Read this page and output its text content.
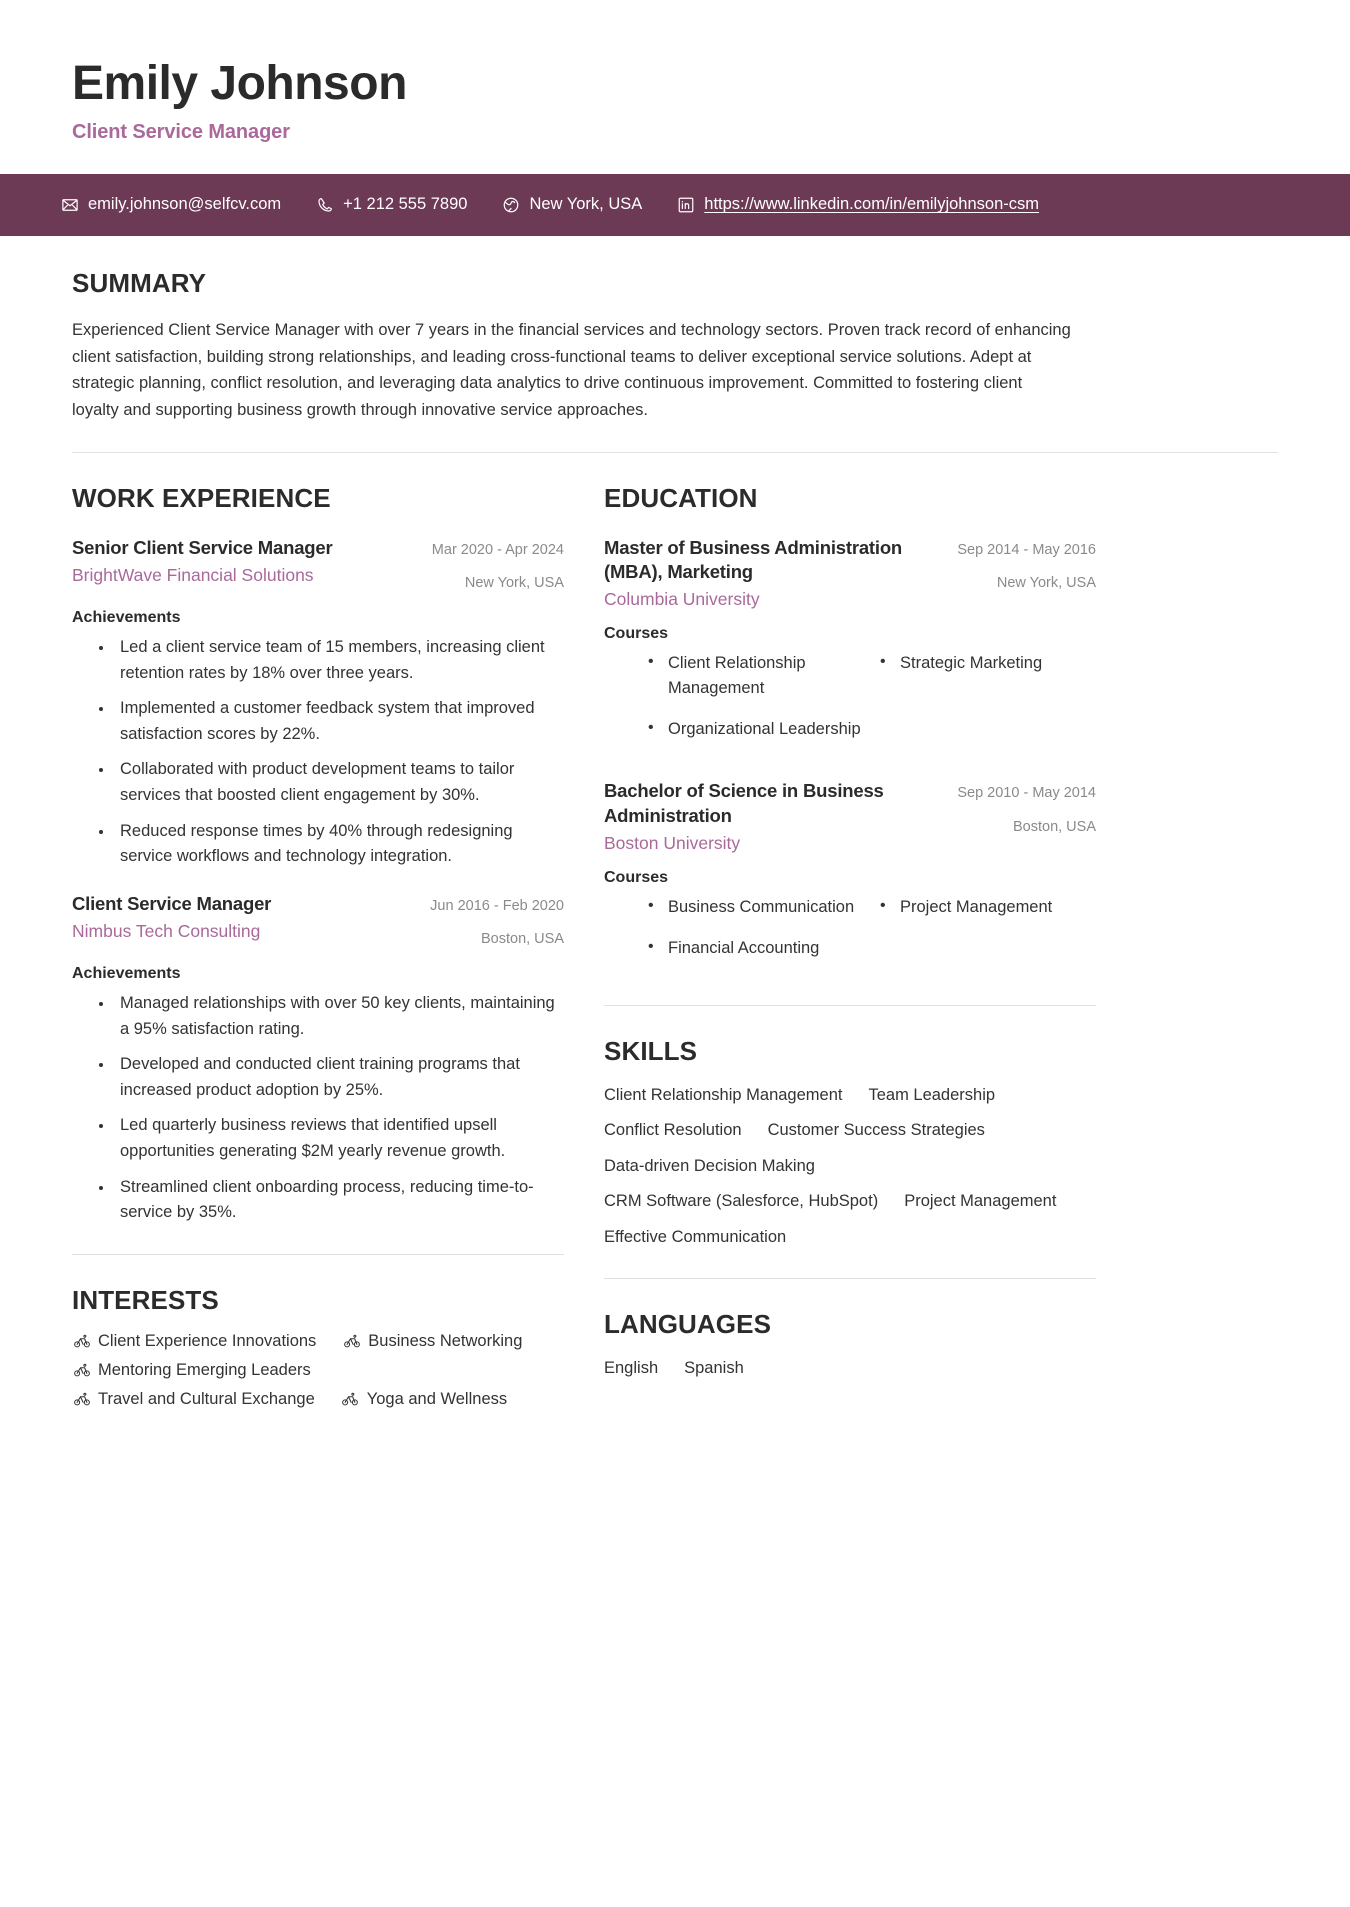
Emily Johnson
Client Service Manager
emily.johnson@selfcv.com	+1 212 555 7890	New York, USA	https://www.linkedin.com/in/emilyjohnson-csm
SUMMARY

Experienced Client Service Manager with over 7 years in the financial services and technology sectors. Proven track record of enhancing client satisfaction, building strong relationships, and leading cross-functional teams to deliver exceptional service solutions. Adept at strategic planning, conflict resolution, and leveraging data analytics to drive continuous improvement. Committed to fostering client loyalty and supporting business growth through innovative service approaches.

WORK EXPERIENCE
Senior Client Service Manager
BrightWave Financial Solutions
Mar 2020 - Apr 2024
New York, USA
Achievements
• Led a client service team of 15 members, increasing client retention rates by 18% over three years.
• Implemented a customer feedback system that improved satisfaction scores by 22%.
• Collaborated with product development teams to tailor services that boosted client engagement by 30%.
• Reduced response times by 40% through redesigning service workflows and technology integration.
Client Service Manager
Nimbus Tech Consulting
Jun 2016 - Feb 2020
Boston, USA
Achievements
• Managed relationships with over 50 key clients, maintaining a 95% satisfaction rating.
• Developed and conducted client training programs that increased product adoption by 25%.
• Led quarterly business reviews that identified upsell opportunities generating $2M yearly revenue growth.
• Streamlined client onboarding process, reducing time-to-service by 35%.
INTERESTS
Client Experience Innovations	Business Networking
Mentoring Emerging Leaders
Travel and Cultural Exchange	Yoga and Wellness
EDUCATION
Master of Business Administration (MBA), Marketing
Columbia University
Sep 2014 - May 2016
New York, USA
Courses
• Client Relationship Management
• Organizational Leadership
• Strategic Marketing
Bachelor of Science in Business Administration
Boston University
Sep 2010 - May 2014
Boston, USA
Courses
• Business Communication
• Financial Accounting
• Project Management
SKILLS
Client Relationship Management Team Leadership
Conflict Resolution Customer Success Strategies
Data-driven Decision Making
CRM Software (Salesforce, HubSpot) Project Management
Effective Communication
LANGUAGES
English Spanish
